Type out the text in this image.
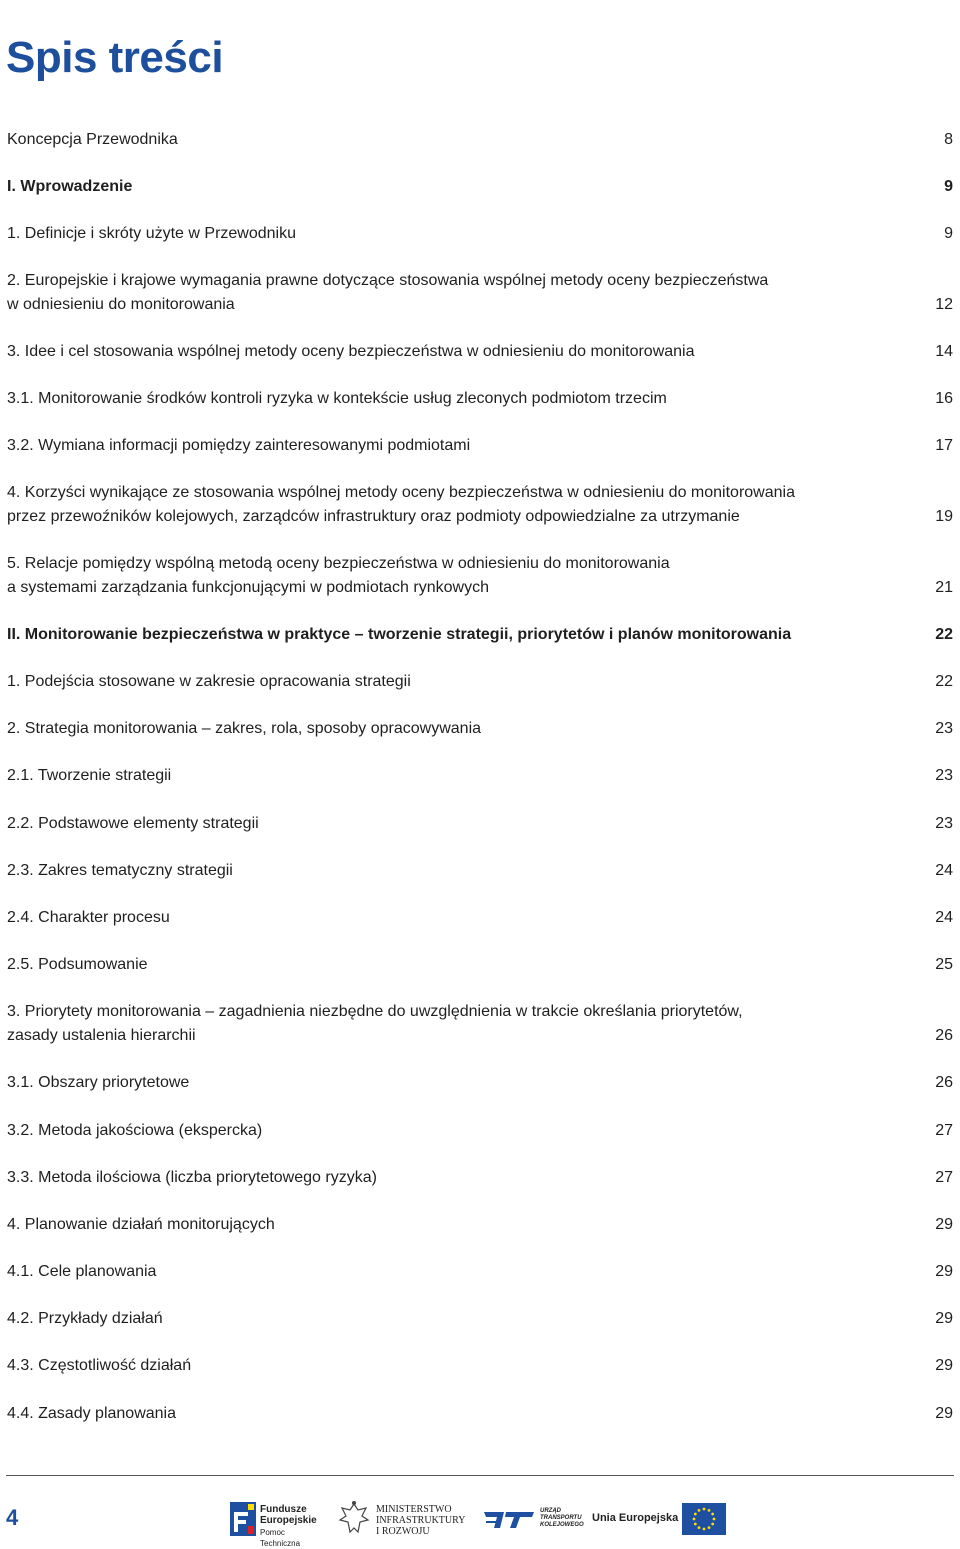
Spis treści
Koncepcja Przewodnika	8
I. Wprowadzenie	9
1. Definicje i skróty użyte w Przewodniku	9
2. Europejskie i krajowe wymagania prawne dotyczące stosowania wspólnej metody oceny bezpieczeństwa
w odniesieniu do monitorowania	12
3. Idee i cel stosowania wspólnej metody oceny bezpieczeństwa w odniesieniu do monitorowania	14
3.1. Monitorowanie środków kontroli ryzyka w kontekście usług zleconych podmiotom trzecim	16
3.2. Wymiana informacji pomiędzy zainteresowanymi podmiotami	17
4. Korzyści wynikające ze stosowania wspólnej metody oceny bezpieczeństwa w odniesieniu do monitorowania
przez przewoźników kolejowych, zarządców infrastruktury oraz podmioty odpowiedzialne za utrzymanie	19
5. Relacje pomiędzy wspólną metodą oceny bezpieczeństwa w odniesieniu do monitorowania
a systemami zarządzania funkcjonującymi w podmiotach rynkowych	21
II. Monitorowanie bezpieczeństwa w praktyce – tworzenie strategii, priorytetów i planów monitorowania	22
1. Podejścia stosowane w zakresie opracowania strategii	22
2. Strategia monitorowania – zakres, rola, sposoby opracowywania	23
2.1. Tworzenie strategii	23
2.2. Podstawowe elementy strategii	23
2.3. Zakres tematyczny strategii	24
2.4. Charakter procesu	24
2.5. Podsumowanie	25
3. Priorytety monitorowania – zagadnienia niezbędne do uwzględnienia w trakcie określania priorytetów,
zasady ustalenia hierarchii	26
3.1. Obszary priorytetowe	26
3.2. Metoda jakościowa (ekspercka)	27
3.3. Metoda ilościowa (liczba priorytetowego ryzyka)	27
4. Planowanie działań monitorujących	29
4.1. Cele planowania	29
4.2. Przykłady działań	29
4.3. Częstotliwość działań	29
4.4. Zasady planowania	29
4	Fundusze
Europejskie
Pomoc Techniczna
MINISTERSTWO
INFRASTRUKTURY
I ROZWOJU
URZĄD
TRANSPORTU
KOLEJOWEGO
Unia Europejska
